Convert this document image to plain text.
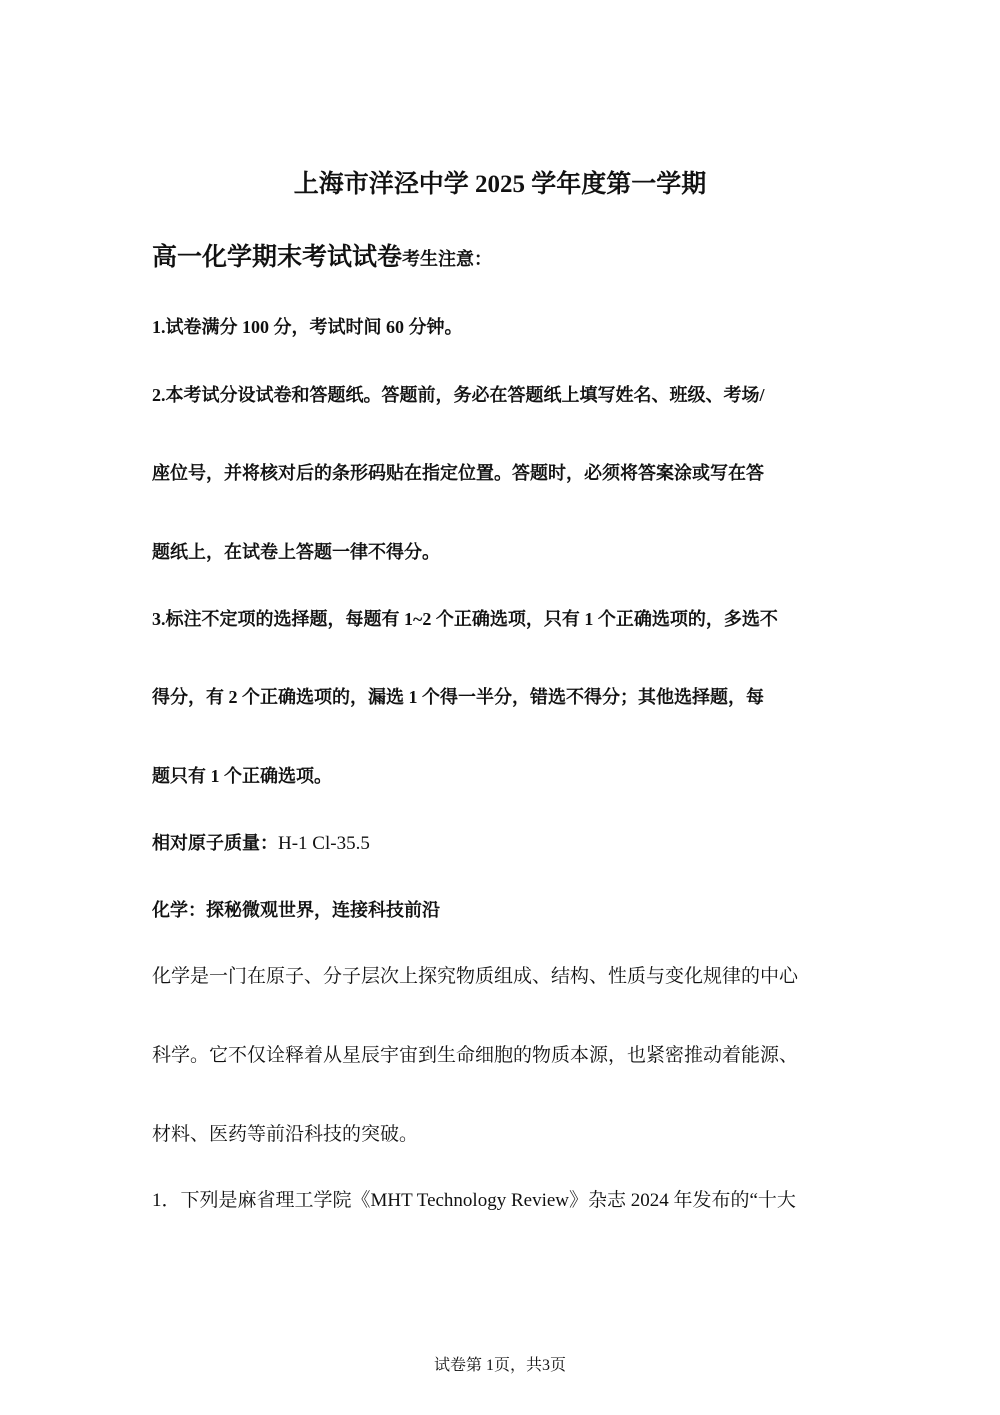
上海市洋泾中学 2025 学年度第一学期
高一化学期末考试试卷考生注意：
1.试卷满分 100 分，考试时间 60 分钟。
2.本考试分设试卷和答题纸。答题前，务必在答题纸上填写姓名、班级、考场/
座位号，并将核对后的条形码贴在指定位置。答题时，必须将答案涂或写在答
题纸上，在试卷上答题一律不得分。
3.标注不定项的选择题，每题有 1~2 个正确选项，只有 1 个正确选项的，多选不
得分，有 2 个正确选项的，漏选 1 个得一半分，错选不得分；其他选择题，每
题只有 1 个正确选项。
相对原子质量：H-1 Cl-35.5
化学：探秘微观世界，连接科技前沿
化学是一门在原子、分子层次上探究物质组成、结构、性质与变化规律的中心
科学。它不仅诠释着从星辰宇宙到生命细胞的物质本源，也紧密推动着能源、
材料、医药等前沿科技的突破。
1．下列是麻省理工学院《MHT Technology Review》杂志 2024 年发布的“十大
试卷第 1页，共3页
